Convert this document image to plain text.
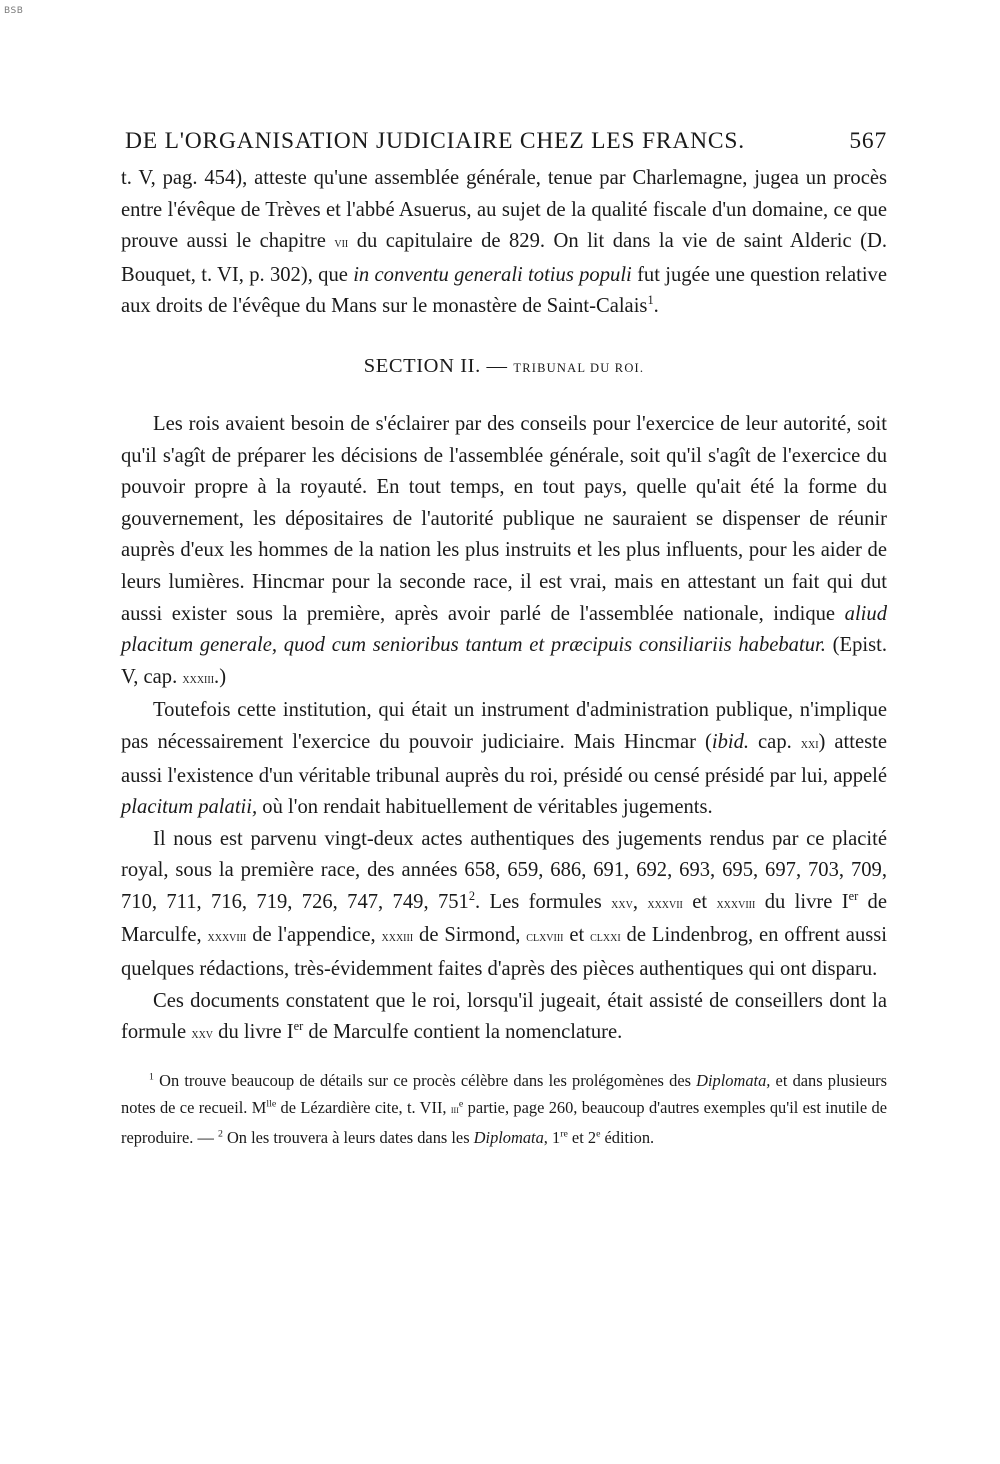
BSB
DE L'ORGANISATION JUDICIAIRE CHEZ LES FRANCS.	567

t. V, pag. 454), atteste qu'une assemblée générale, tenue par Charlemagne, jugea un procès entre l'évêque de Trèves et l'abbé Asuerus, au sujet de la qualité fiscale d'un domaine, ce que prouve aussi le chapitre vii du capitulaire de 829. On lit dans la vie de saint Alderic (D. Bouquet, t. VI, p. 302), que in conventu generali totius populi fut jugée une question relative aux droits de l'évêque du Mans sur le monastère de Saint-Calais$^1$.

SECTION II. — TRIBUNAL DU ROI.

Les rois avaient besoin de s'éclairer par des conseils pour l'exercice de leur autorité, soit qu'il s'agît de préparer les décisions de l'assemblée générale, soit qu'il s'agît de l'exercice du pouvoir propre à la royauté. En tout temps, en tout pays, quelle qu'ait été la forme du gouvernement, les dépositaires de l'autorité publique ne sauraient se dispenser de réunir auprès d'eux les hommes de la nation les plus instruits et les plus influents, pour les aider de leurs lumières. Hincmar pour la seconde race, il est vrai, mais en attestant un fait qui dut aussi exister sous la première, après avoir parlé de l'assemblée nationale, indique aliud placitum generale, quod cum senioribus tantum et præcipuis consiliariis habebatur. (Epist. V, cap. xxxiii.)

Toutefois cette institution, qui était un instrument d'administration publique, n'implique pas nécessairement l'exercice du pouvoir judiciaire. Mais Hincmar (ibid. cap. xxi) atteste aussi l'existence d'un véritable tribunal auprès du roi, présidé ou censé présidé par lui, appelé placitum palatii, où l'on rendait habituellement de véritables jugements.

Il nous est parvenu vingt-deux actes authentiques des jugements rendus par ce placité royal, sous la première race, des années 658, 659, 686, 691, 692, 693, 695, 697, 703, 709, 710, 711, 716, 719, 726, 747, 749, $751^2$. Les formules xxv, xxxvii et xxxviii du livre Ier de Marculfe, xxxviii de l'appendice, xxxiii de Sirmond, clxviii et clxxi de Lindenbrog, en offrent aussi quelques rédactions, très-évidemment faites d'après des pièces authentiques qui ont disparu.

Ces documents constatent que le roi, lorsqu'il jugeait, était assisté de conseillers dont la formule xxv du livre Ier de Marculfe contient la nomenclature.

$^1$ On trouve beaucoup de détails sur ce procès célèbre dans les prolégomènes des Diplomata, et dans plusieurs notes de ce recueil. $M^{lle}$ de Lézardière cite, t. VII, iii$^e$ partie, page 260, beaucoup d'autres exemples qu'il est inutile de reproduire. — $^2$ On les trouvera à leurs dates dans les Diplomata, 1re et 2e édition.
